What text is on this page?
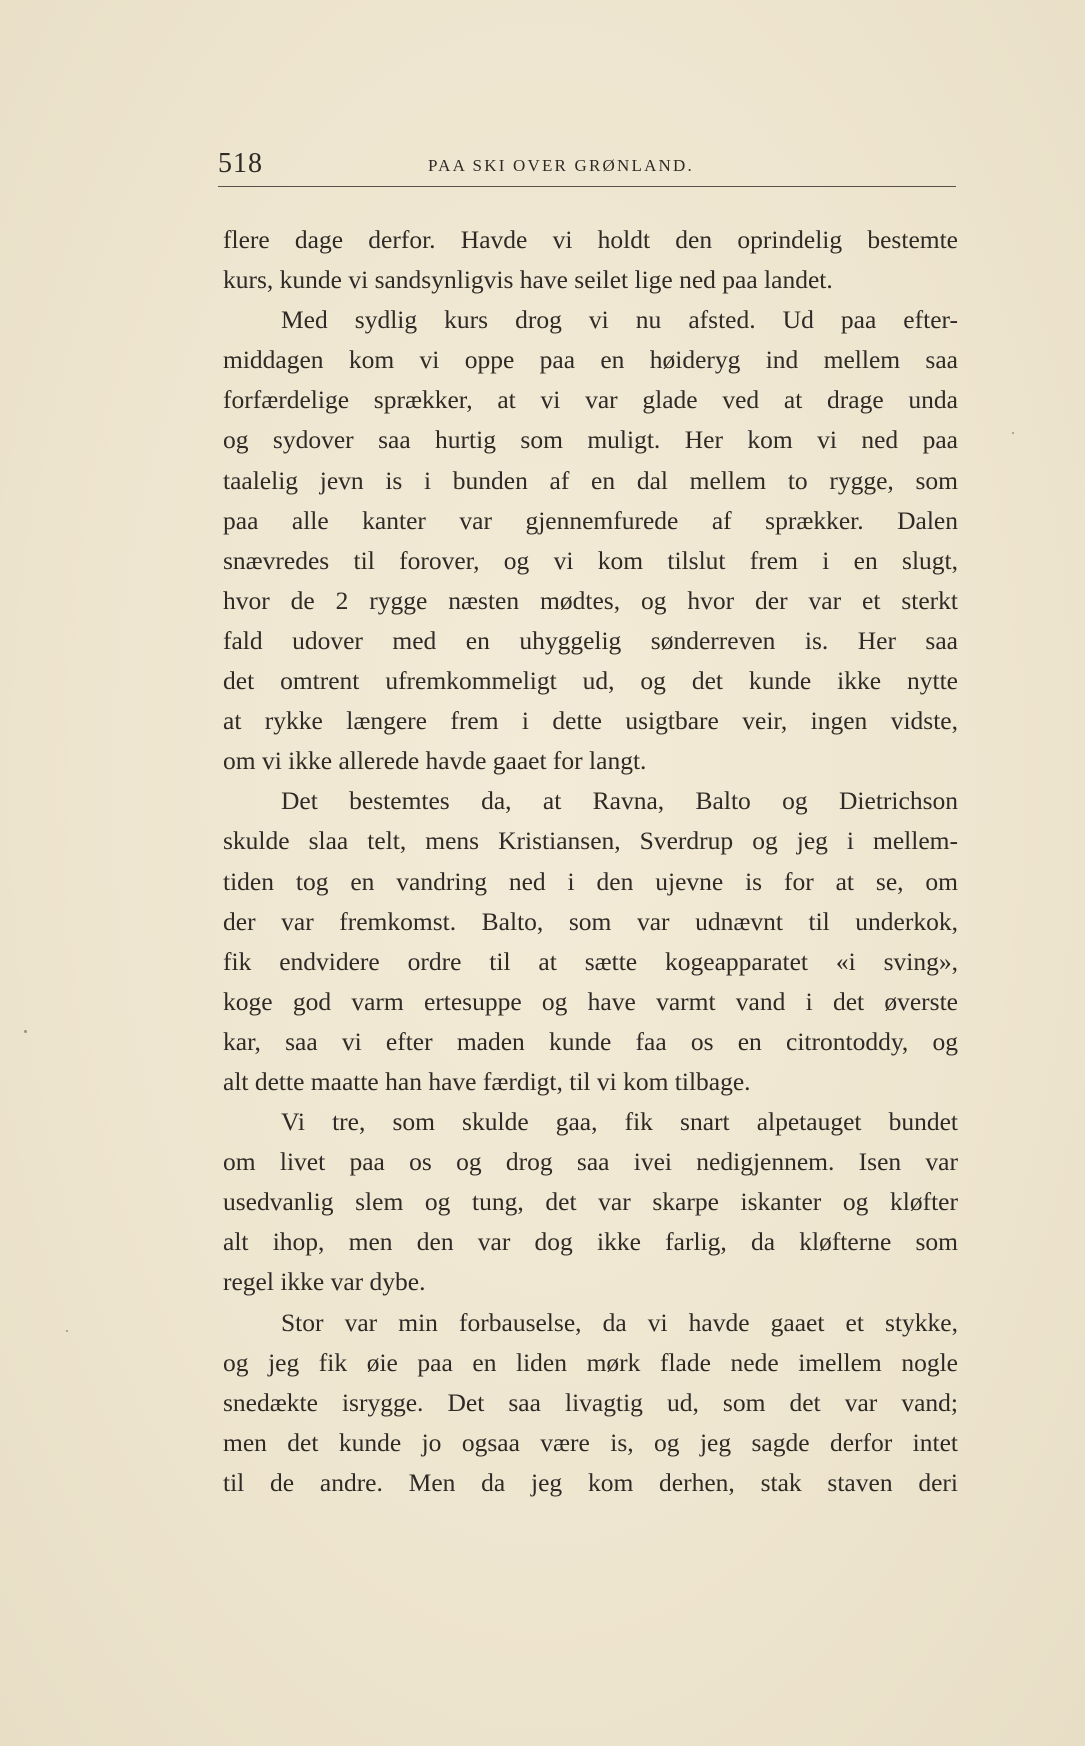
518	PAA SKI OVER GRØNLAND.
flere dage derfor. Havde vi holdt den oprindelig bestemte
kurs, kunde vi sandsynligvis have seilet lige ned paa landet.
Med sydlig kurs drog vi nu afsted. Ud paa efter-
middagen kom vi oppe paa en høideryg ind mellem saa
forfærdelige sprækker, at vi var glade ved at drage unda
og sydover saa hurtig som muligt. Her kom vi ned paa
taalelig jevn is i bunden af en dal mellem to rygge, som
paa alle kanter var gjennemfurede af sprækker. Dalen
snævredes til forover, og vi kom tilslut frem i en slugt,
hvor de 2 rygge næsten mødtes, og hvor der var et sterkt
fald udover med en uhyggelig sønderreven is. Her saa
det omtrent ufremkommeligt ud, og det kunde ikke nytte
at rykke længere frem i dette usigtbare veir, ingen vidste,
om vi ikke allerede havde gaaet for langt.
Det bestemtes da, at Ravna, Balto og Dietrichson
skulde slaa telt, mens Kristiansen, Sverdrup og jeg i mellem-
tiden tog en vandring ned i den ujevne is for at se, om
der var fremkomst. Balto, som var udnævnt til underkok,
fik endvidere ordre til at sætte kogeapparatet «i sving»,
koge god varm ertesuppe og have varmt vand i det øverste
kar, saa vi efter maden kunde faa os en citrontoddy, og
alt dette maatte han have færdigt, til vi kom tilbage.
Vi tre, som skulde gaa, fik snart alpetauget bundet
om livet paa os og drog saa ivei nedigjennem. Isen var
usedvanlig slem og tung, det var skarpe iskanter og kløfter
alt ihop, men den var dog ikke farlig, da kløfterne som
regel ikke var dybe.
Stor var min forbauselse, da vi havde gaaet et stykke,
og jeg fik øie paa en liden mørk flade nede imellem nogle
snedækte isrygge. Det saa livagtig ud, som det var vand;
men det kunde jo ogsaa være is, og jeg sagde derfor intet
til de andre. Men da jeg kom derhen, stak staven deri
